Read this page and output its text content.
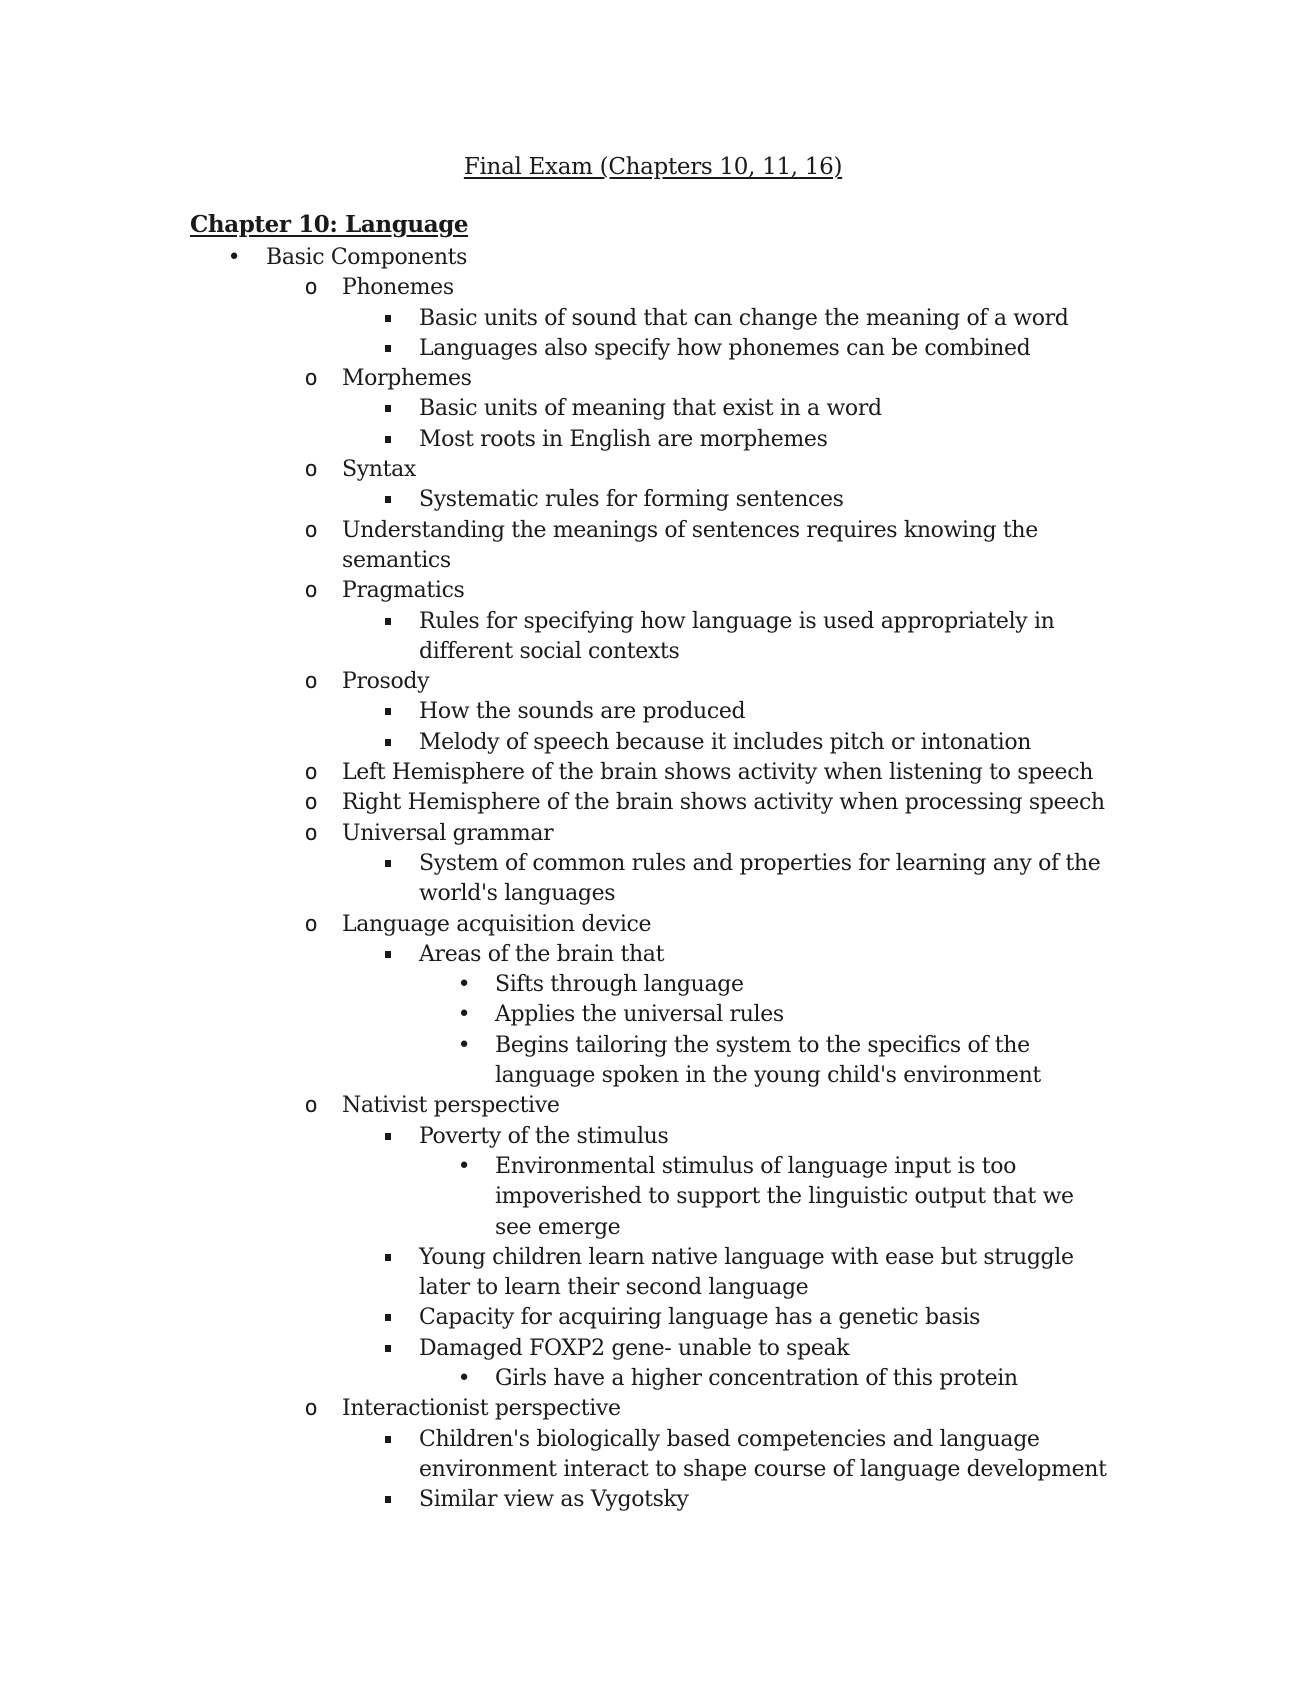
Final Exam (Chapters 10, 11, 16)
Chapter 10: Language
•
Basic Components
o
Phonemes
Basic units of sound that can change the meaning of a word
Languages also specify how phonemes can be combined
o
Morphemes
Basic units of meaning that exist in a word
Most roots in English are morphemes
o
Syntax
Systematic rules for forming sentences
o
Understanding the meanings of sentences requires knowing the
semantics
o
Pragmatics
Rules for specifying how language is used appropriately in
different social contexts
o
Prosody
How the sounds are produced
Melody of speech because it includes pitch or intonation
o
Left Hemisphere of the brain shows activity when listening to speech
o
Right Hemisphere of the brain shows activity when processing speech
o
Universal grammar
System of common rules and properties for learning any of the
world's languages
o
Language acquisition device
Areas of the brain that
•
Sifts through language
•
Applies the universal rules
•
Begins tailoring the system to the specifics of the
language spoken in the young child's environment
o
Nativist perspective
Poverty of the stimulus
•
Environmental stimulus of language input is too
impoverished to support the linguistic output that we
see emerge
Young children learn native language with ease but struggle
later to learn their second language
Capacity for acquiring language has a genetic basis
Damaged FOXP2 gene- unable to speak
•
Girls have a higher concentration of this protein
o
Interactionist perspective
Children's biologically based competencies and language
environment interact to shape course of language development
Similar view as Vygotsky
